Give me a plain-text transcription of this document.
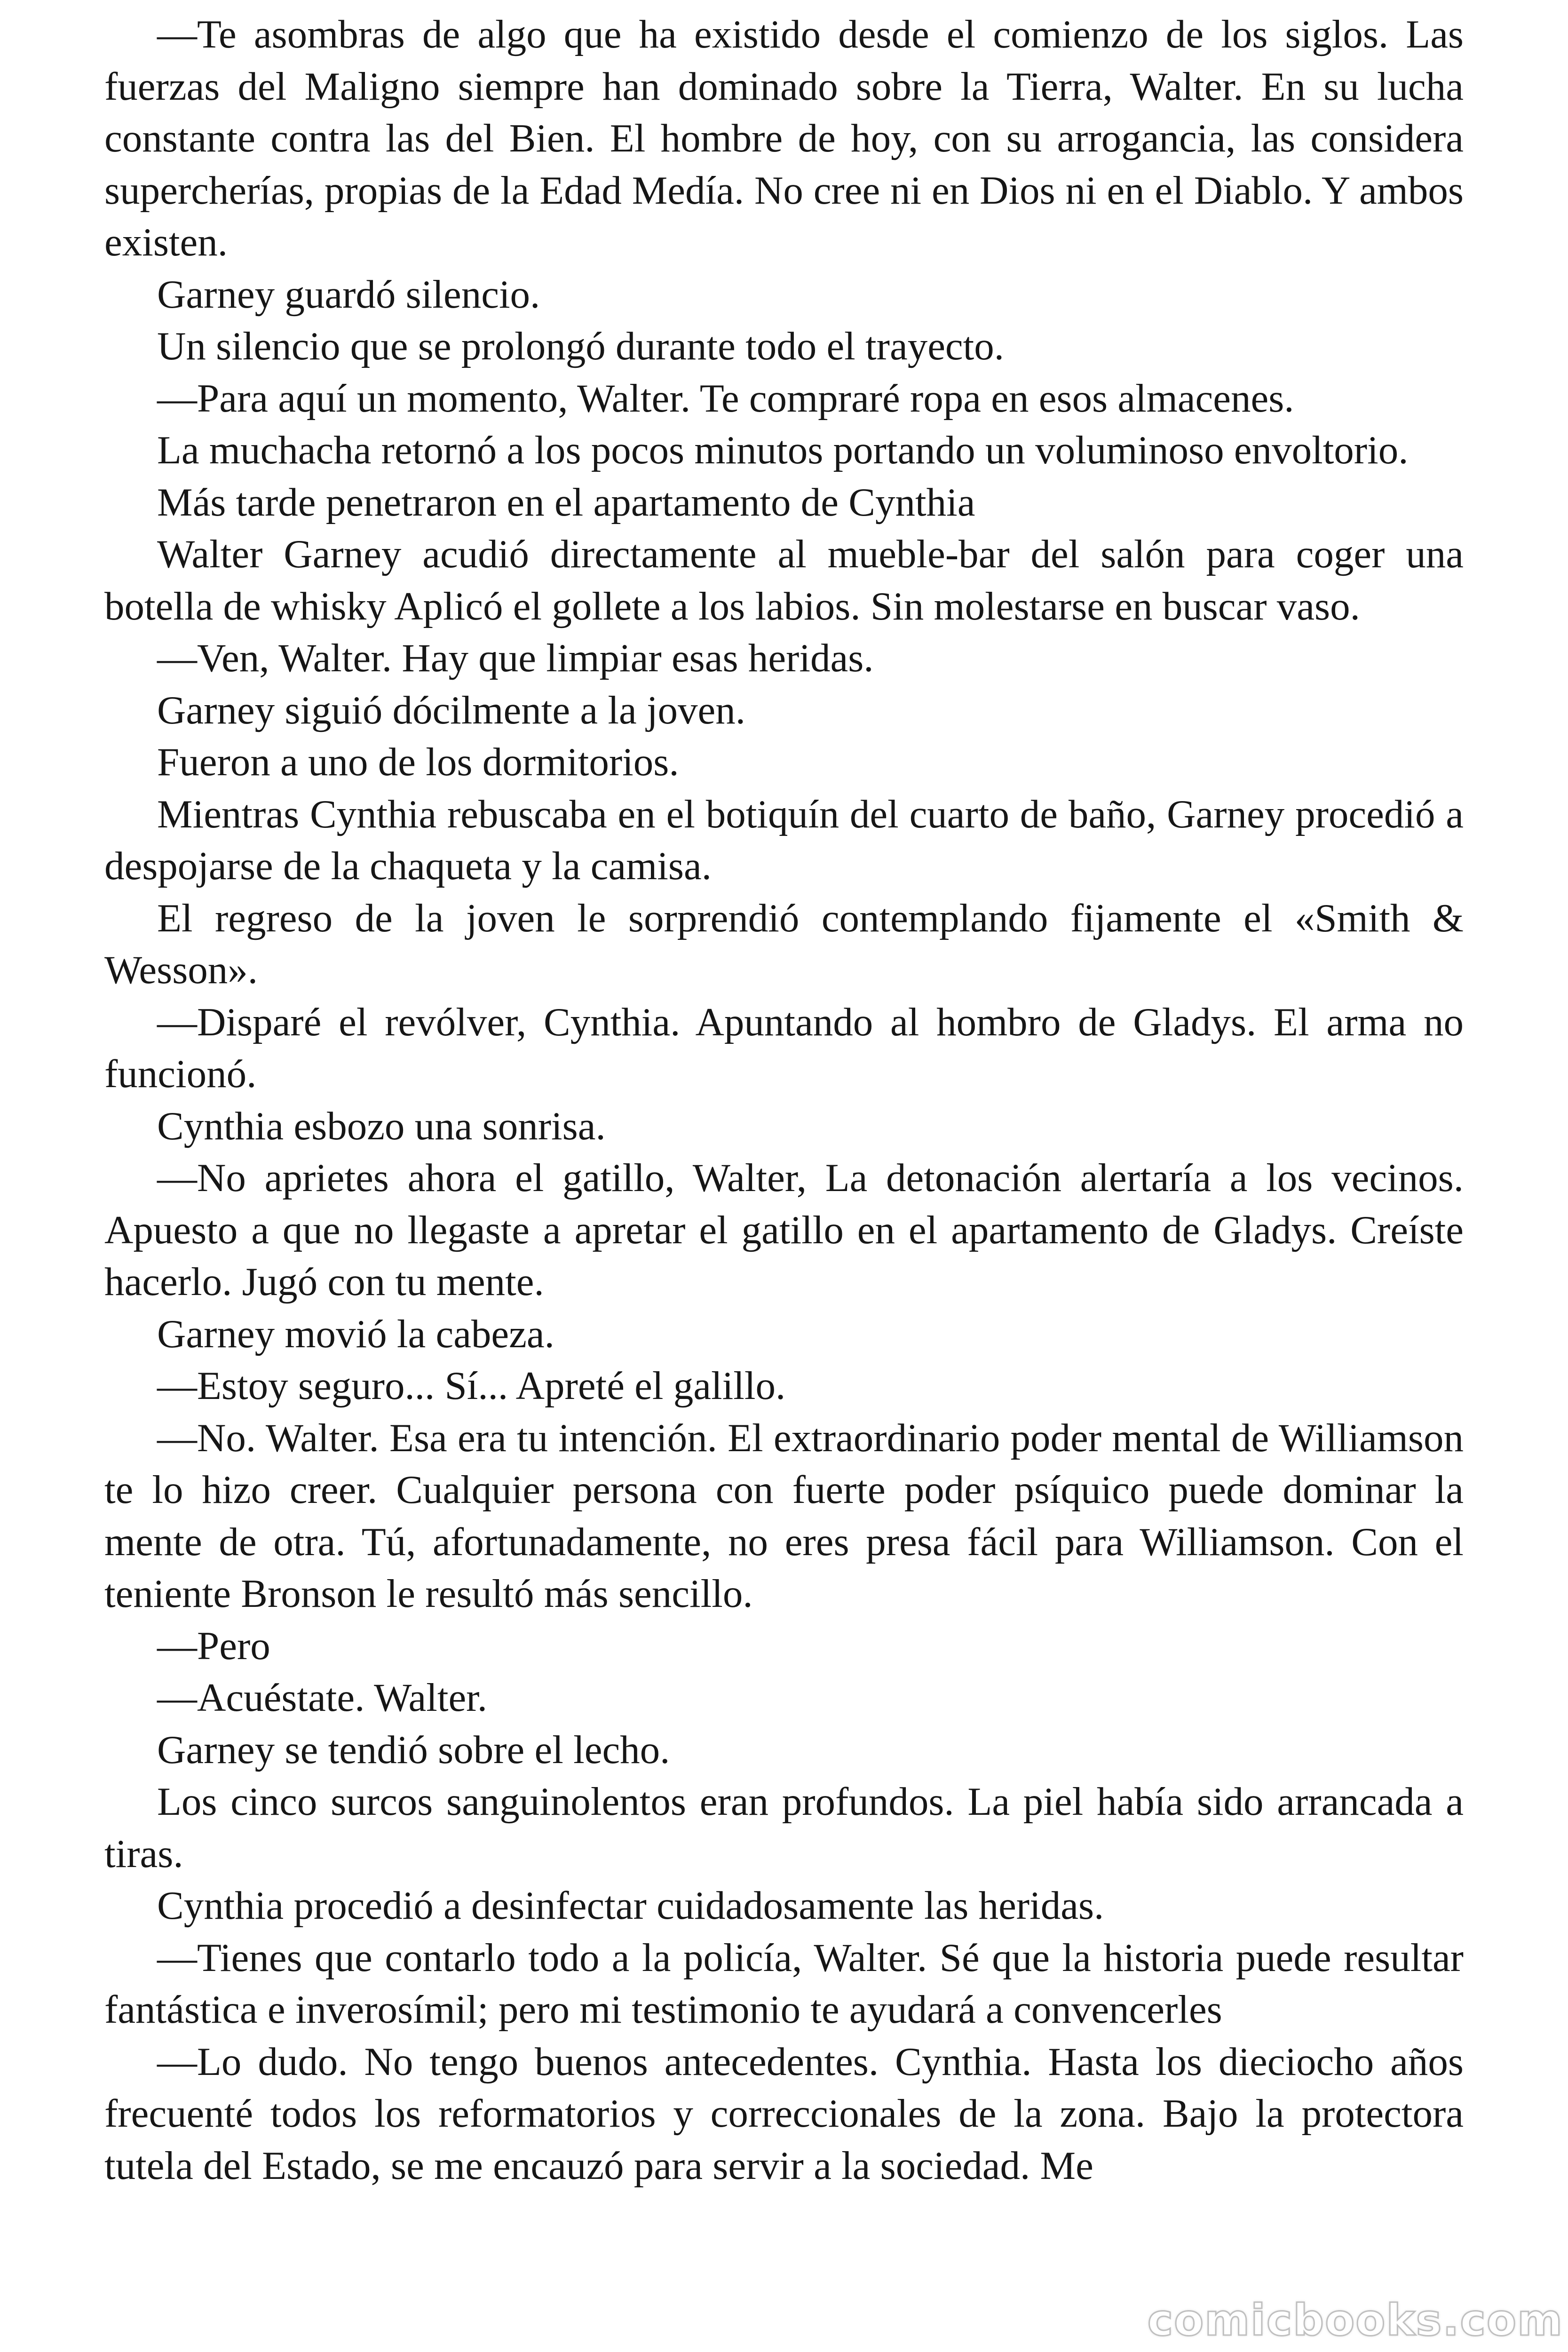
—Te asombras de algo que ha existido desde el comienzo de los siglos. Las fuerzas del Maligno siempre han dominado sobre la Tierra, Walter. En su lucha constante contra las del Bien. El hombre de hoy, con su arrogancia, las considera supercherías, propias de la Edad Medía. No cree ni en Dios ni en el Diablo. Y ambos existen.

Garney guardó silencio.

Un silencio que se prolongó durante todo el trayecto.

—Para aquí un momento, Walter. Te compraré ropa en esos almacenes.

La muchacha retornó a los pocos minutos portando un voluminoso envoltorio.

Más tarde penetraron en el apartamento de Cynthia

Walter Garney acudió directamente al mueble-bar del salón para coger una botella de whisky Aplicó el gollete a los labios. Sin molestarse en buscar vaso.

—Ven, Walter. Hay que limpiar esas heridas.

Garney siguió dócilmente a la joven.

Fueron a uno de los dormitorios.

Mientras Cynthia rebuscaba en el botiquín del cuarto de baño, Garney procedió a despojarse de la chaqueta y la camisa.

El regreso de la joven le sorprendió contemplando fijamente el «Smith & Wesson».

—Disparé el revólver, Cynthia. Apuntando al hombro de Gladys. El arma no funcionó.

Cynthia esbozo una sonrisa.

—No aprietes ahora el gatillo, Walter, La detonación alertaría a los vecinos. Apuesto a que no llegaste a apretar el gatillo en el apartamento de Gladys. Creíste hacerlo. Jugó con tu mente.

Garney movió la cabeza.

—Estoy seguro... Sí... Apreté el galillo.

—No. Walter. Esa era tu intención. El extraordinario poder mental de Williamson te lo hizo creer. Cualquier persona con fuerte poder psíquico puede dominar la mente de otra. Tú, afortunadamente, no eres presa fácil para Williamson. Con el teniente Bronson le resultó más sencillo.

—Pero

—Acuéstate. Walter.

Garney se tendió sobre el lecho.

Los cinco surcos sanguinolentos eran profundos. La piel había sido arrancada a tiras.

Cynthia procedió a desinfectar cuidadosamente las heridas.

—Tienes que contarlo todo a la policía, Walter. Sé que la historia puede resultar fantástica e inverosímil; pero mi testimonio te ayudará a convencerles

—Lo dudo. No tengo buenos antecedentes. Cynthia. Hasta los dieciocho años frecuenté todos los reformatorios y correccionales de la zona. Bajo la protectora tutela del Estado, se me encauzó para servir a la sociedad. Me

comicbooks.com
